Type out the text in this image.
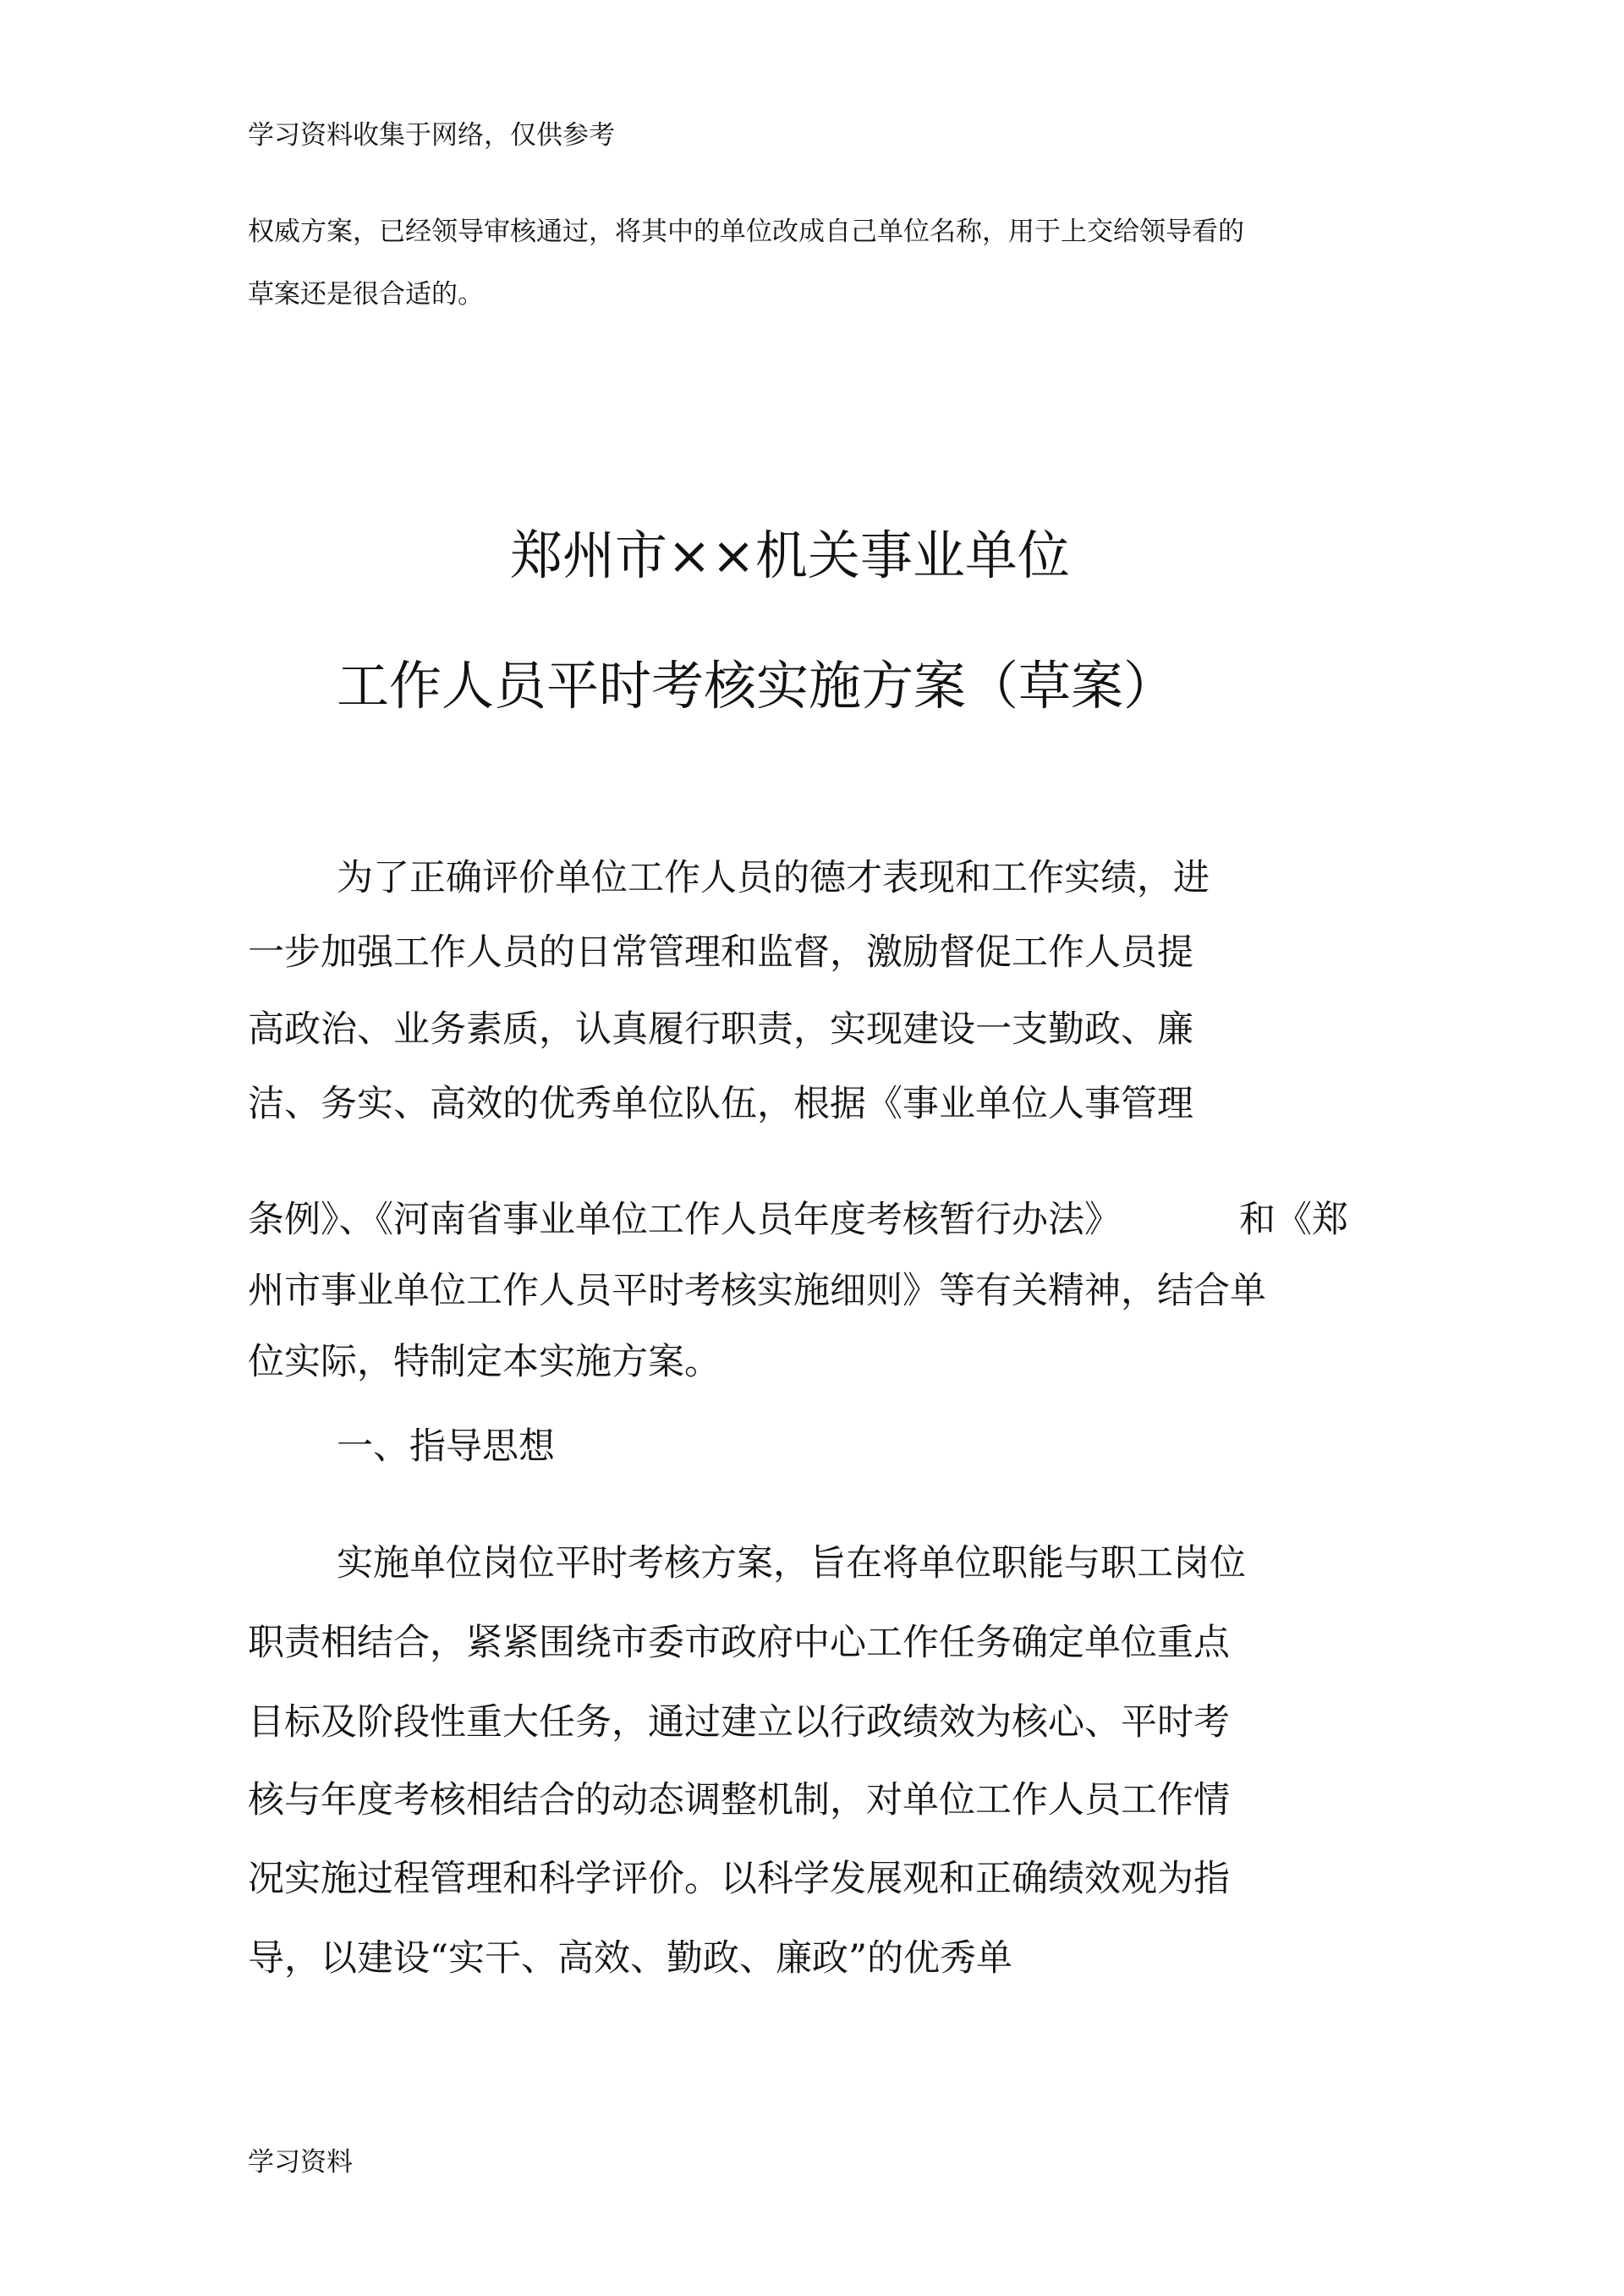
学习资料收集于网络，仅供参考
权威方案，已经领导审核通过，将其中的单位改成自己单位名称，用于上交给领导看的
草案还是很合适的。
郑州市××机关事业单位
工作人员平时考核实施方案（草案）
为了正确评价单位工作人员的德才表现和工作实绩，进
一步加强工作人员的日常管理和监督，激励督促工作人员提
高政治、业务素质，认真履行职责，实现建设一支勤政、廉
洁、务实、高效的优秀单位队伍，根据《事业单位人事管理
条例》、《河南省事业单位工作人员年度考核暂行办法》	和《郑
州市事业单位工作人员平时考核实施细则》等有关精神，结合单
位实际，特制定本实施方案。
一、指导思想
实施单位岗位平时考核方案，旨在将单位职能与职工岗位
职责相结合，紧紧围绕市委市政府中心工作任务确定单位重点
目标及阶段性重大任务，通过建立以行政绩效为核心、平时考
核与年度考核相结合的动态调整机制，对单位工作人员工作情
况实施过程管理和科学评价。以科学发展观和正确绩效观为指
导，以建设“实干、高效、勤政、廉政”的优秀单
学习资料
